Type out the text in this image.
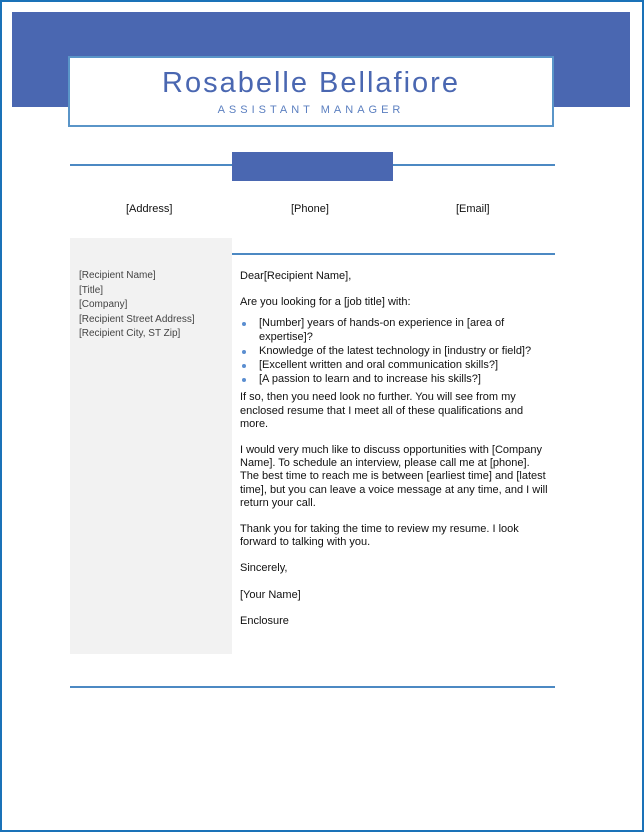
Rosabelle Bellafiore
ASSISTANT MANAGER
[Address]	[Phone]	[Email]
[Recipient Name]
[Title]
[Company]
[Recipient Street Address]
[Recipient City, ST Zip]

Dear[Recipient Name],

Are you looking for a [job title] with:

[Number] years of hands-on experience in [area of expertise]?
Knowledge of the latest technology in [industry or field]?
[Excellent written and oral communication skills?]
[A passion to learn and to increase his skills?]

If so, then you need look no further. You will see from my enclosed resume that I meet all of these qualifications and more.

I would very much like to discuss opportunities with [Company Name]. To schedule an interview, please call me at [phone]. The best time to reach me is between [earliest time] and [latest time], but you can leave a voice message at any time, and I will return your call.

Thank you for taking the time to review my resume. I look forward to talking with you.

Sincerely,

[Your Name]

Enclosure
